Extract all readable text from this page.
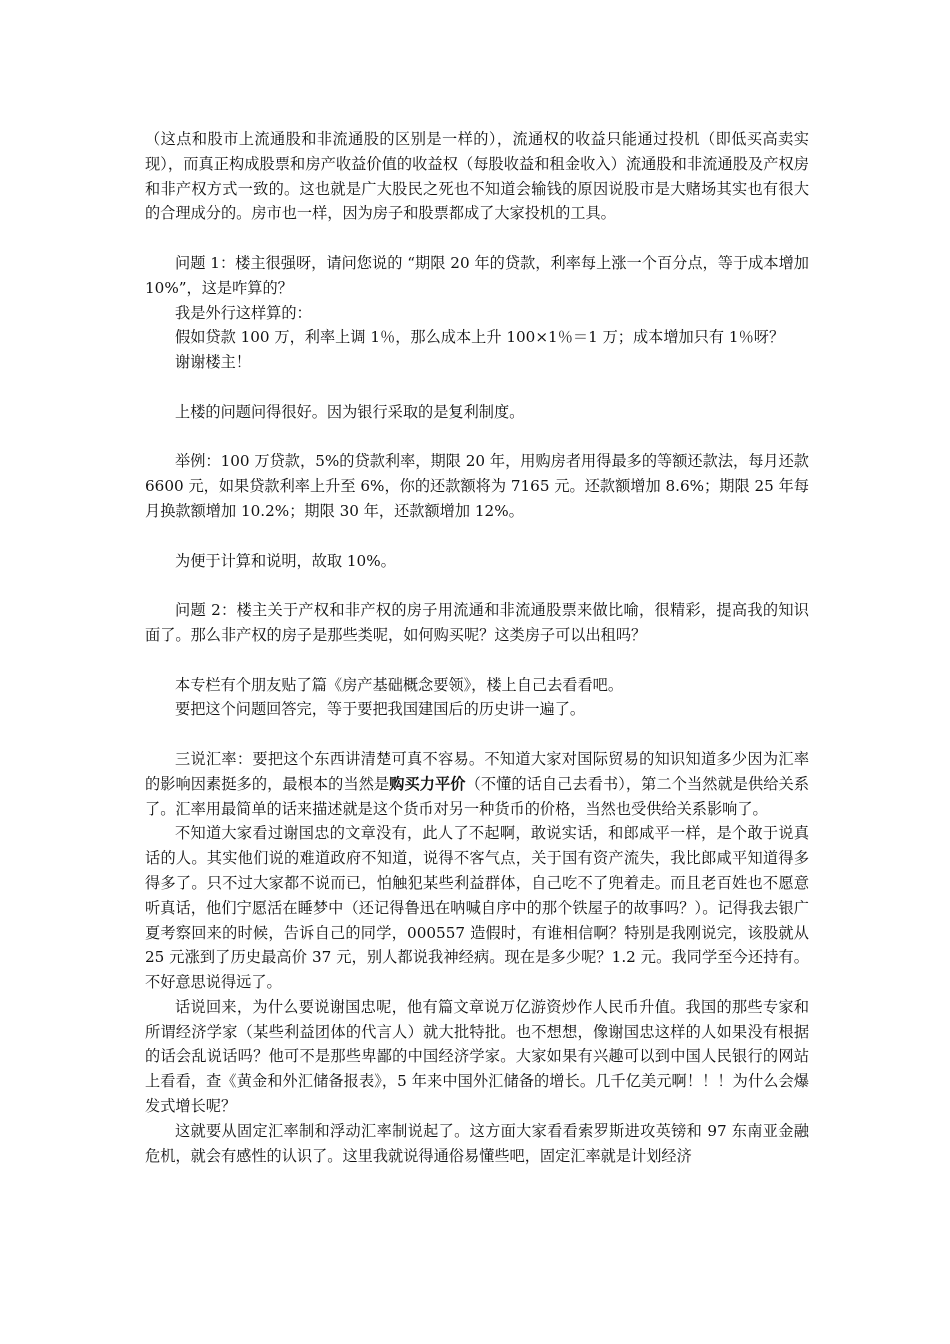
（这点和股市上流通股和非流通股的区别是一样的），流通权的收益只能通过投机（即低买高卖实现），而真正构成股票和房产收益价值的收益权（每股收益和租金收入）流通股和非流通股及产权房和非产权方式一致的。这也就是广大股民之死也不知道会输钱的原因说股市是大赌场其实也有很大的合理成分的。房市也一样，因为房子和股票都成了大家投机的工具。

问题 1：楼主很强呀，请问您说的 “期限 20 年的贷款，利率每上涨一个百分点，等于成本增加 10%”，这是咋算的？

我是外行这样算的：

假如贷款 100 万，利率上调 1％，那么成本上升 100×1％＝1 万；成本增加只有 1％呀？

谢谢楼主！

上楼的问题问得很好。因为银行采取的是复利制度。

举例：100 万贷款，5%的贷款利率，期限 20 年，用购房者用得最多的等额还款法，每月还款 6600 元，如果贷款利率上升至 6%，你的还款额将为 7165 元。还款额增加 8.6%；期限 25 年每月换款额增加 10.2%；期限 30 年，还款额增加 12%。

为便于计算和说明，故取 10%。

问题 2：楼主关于产权和非产权的房子用流通和非流通股票来做比喻，很精彩，提高我的知识面了。那么非产权的房子是那些类呢，如何购买呢？这类房子可以出租吗？

本专栏有个朋友贴了篇《房产基础概念要领》，楼上自己去看看吧。

要把这个问题回答完，等于要把我国建国后的历史讲一遍了。

三说汇率：要把这个东西讲清楚可真不容易。不知道大家对国际贸易的知识知道多少因为汇率的影响因素挺多的，最根本的当然是购买力平价（不懂的话自己去看书），第二个当然就是供给关系了。汇率用最简单的话来描述就是这个货币对另一种货币的价格，当然也受供给关系影响了。

不知道大家看过谢国忠的文章没有，此人了不起啊，敢说实话，和郎咸平一样，是个敢于说真话的人。其实他们说的难道政府不知道，说得不客气点，关于国有资产流失，我比郎咸平知道得多得多了。只不过大家都不说而已，怕触犯某些利益群体，自己吃不了兜着走。而且老百姓也不愿意听真话，他们宁愿活在睡梦中（还记得鲁迅在呐喊自序中的那个铁屋子的故事吗？）。记得我去银广夏考察回来的时候，告诉自己的同学，000557 造假时，有谁相信啊？特别是我刚说完，该股就从 25 元涨到了历史最高价 37 元，别人都说我神经病。现在是多少呢？1.2 元。我同学至今还持有。不好意思说得远了。

话说回来，为什么要说谢国忠呢，他有篇文章说万亿游资炒作人民币升值。我国的那些专家和所谓经济学家（某些利益团体的代言人）就大批特批。也不想想，像谢国忠这样的人如果没有根据的话会乱说话吗？他可不是那些卑鄙的中国经济学家。大家如果有兴趣可以到中国人民银行的网站上看看，查《黄金和外汇储备报表》，5 年来中国外汇储备的增长。几千亿美元啊！！！为什么会爆发式增长呢？

这就要从固定汇率制和浮动汇率制说起了。这方面大家看看索罗斯进攻英镑和 97 东南亚金融危机，就会有感性的认识了。这里我就说得通俗易懂些吧，固定汇率就是计划经济
